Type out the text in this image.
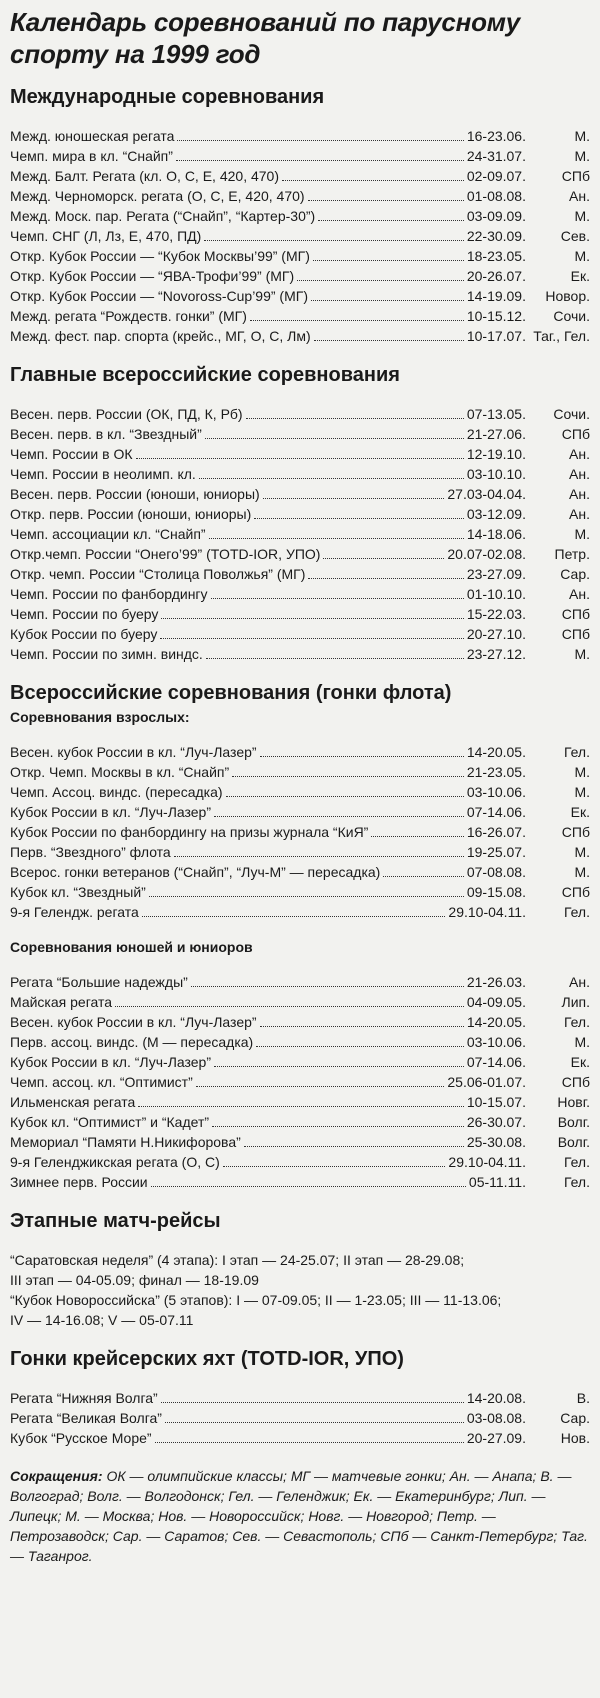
Календарь соревнований по парусному
спорту на 1999 год
Международные соревнования
Межд. юношеская регата	16-23.06.	М.
Чемп. мира в кл. “Снайп”	24-31.07.	М.
Межд. Балт. Регата (кл. О, С, Е, 420, 470)	02-09.07.	СПб
Межд. Черноморск. регата (О, С, Е, 420, 470)	01-08.08.	Ан.
Межд. Моск. пар. Регата (“Снайп”, “Картер-30”)	03-09.09.	М.
Чемп. СНГ (Л, Лз, Е, 470, ПД)	22-30.09.	Сев.
Откр. Кубок России — “Кубок Москвы’99” (МГ)	18-23.05.	М.
Откр. Кубок России — “ЯВА-Трофи’99” (МГ)	20-26.07.	Ек.
Откр. Кубок России — “Novoross-Cup’99” (МГ)	14-19.09.	Новор.
Межд. регата “Рождеств. гонки” (МГ)	10-15.12.	Сочи.
Межд. фест. пар. спорта (крейс., МГ, О, С, Лм)	10-17.07. Таг., Гел.
Главные всероссийские соревнования
Весен. перв. России (ОК, ПД, К, Рб)	07-13.05.	Сочи.
Весен. перв. в кл. “Звездный”	21-27.06.	СПб
Чемп. России в ОК	12-19.10.	Ан.
Чемп. России в неолимп. кл.	03-10.10.	Ан.
Весен. перв. России (юноши, юниоры)	27.03-04.04.	Ан.
Откр. перв. России (юноши, юниоры)	03-12.09.	Ан.
Чемп. ассоциации кл. “Снайп”	14-18.06.	М.
Откр.чемп. России “Онего’99” (TOTD-IOR, УПО)	20.07-02.08.	Петр.
Откр. чемп. России “Столица Поволжья” (МГ)	23-27.09.	Сар.
Чемп. России по фанбордингу	01-10.10.	Ан.
Чемп. России по буеру	15-22.03.	СПб
Кубок России по буеру	20-27.10.	СПб
Чемп. России по зимн. виндс.	23-27.12.	М.
Всероссийские соревнования (гонки флота)
Соревнования взрослых:
Весен. кубок России в кл. “Луч-Лазер”	14-20.05.	Гел.
Откр. Чемп. Москвы в кл. “Снайп”	21-23.05.	М.
Чемп. Ассоц. виндс. (пересадка)	03-10.06.	М.
Кубок России в кл. “Луч-Лазер”	07-14.06.	Ек.
Кубок России по фанбордингу на призы журнала “КиЯ”	16-26.07.	СПб
Перв. “Звездного” флота	19-25.07.	М.
Всерос. гонки ветеранов (“Снайп”, “Луч-М” — пересадка)	07-08.08.	М.
Кубок кл. “Звездный”	09-15.08.	СПб
9-я Гелендж. регата	29.10-04.11.	Гел.
Соревнования юношей и юниоров
Регата “Большие надежды”	21-26.03.	Ан.
Майская регата	04-09.05.	Лип.
Весен. кубок России в кл. “Луч-Лазер”	14-20.05.	Гел.
Перв. ассоц. виндс. (М — пересадка)	03-10.06.	М.
Кубок России в кл. “Луч-Лазер”	07-14.06.	Ек.
Чемп. ассоц. кл. “Оптимист”	25.06-01.07.	СПб
Ильменская регата	10-15.07.	Новг.
Кубок кл. “Оптимист” и “Кадет”	26-30.07.	Волг.
Мемориал “Памяти Н.Никифорова”	25-30.08.	Волг.
9-я Геленджикская регата (О, С)	29.10-04.11.	Гел.
Зимнее перв. России	05-11.11.	Гел.
Этапные матч-рейсы
“Саратовская неделя” (4 этапа): I этап — 24-25.07; II этап — 28-29.08;
III этап — 04-05.09; финал — 18-19.09
“Кубок Новороссийска” (5 этапов): I — 07-09.05; II — 1-23.05; III — 11-13.06;
IV — 14-16.08; V — 05-07.11
Гонки крейсерских яхт (TOTD-IOR, УПО)
Регата “Нижняя Волга”	14-20.08.	В.
Регата “Великая Волга”	03-08.08.	Сар.
Кубок “Русское Море”	20-27.09.	Нов.
Сокращения: ОК — олимпийские классы; МГ — матчевые гонки; Ан. — Анапа; В. — Волгоград; Волг. — Волгодонск; Гел. — Геленджик; Ек. — Екатеринбург; Лип. — Липецк; М. — Москва; Нов. — Новороссийск; Новг. — Новгород; Петр. — Петрозаводск; Сар. — Саратов; Сев. — Севастополь; СПб — Санкт-Петербург; Таг. — Таганрог.
